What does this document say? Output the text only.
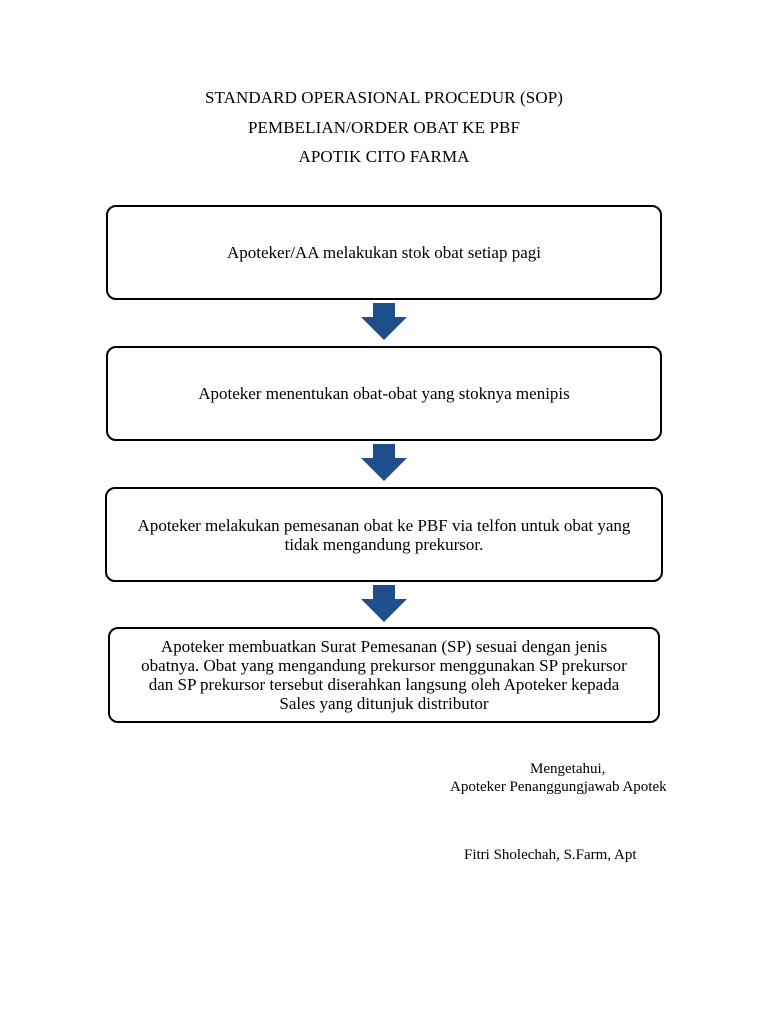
STANDARD OPERASIONAL PROCEDUR (SOP)
PEMBELIAN/ORDER OBAT KE PBF
APOTIK CITO FARMA
Apoteker/AA melakukan stok obat setiap pagi
Apoteker menentukan obat-obat yang stoknya menipis
Apoteker melakukan pemesanan obat ke PBF via telfon untuk obat yang tidak mengandung prekursor.
Apoteker membuatkan Surat Pemesanan (SP) sesuai dengan jenis obatnya. Obat yang mengandung prekursor menggunakan SP prekursor dan SP prekursor tersebut diserahkan langsung oleh Apoteker kepada Sales yang ditunjuk distributor
Mengetahui,
Apoteker Penanggungjawab Apotek
Fitri Sholechah, S.Farm, Apt
